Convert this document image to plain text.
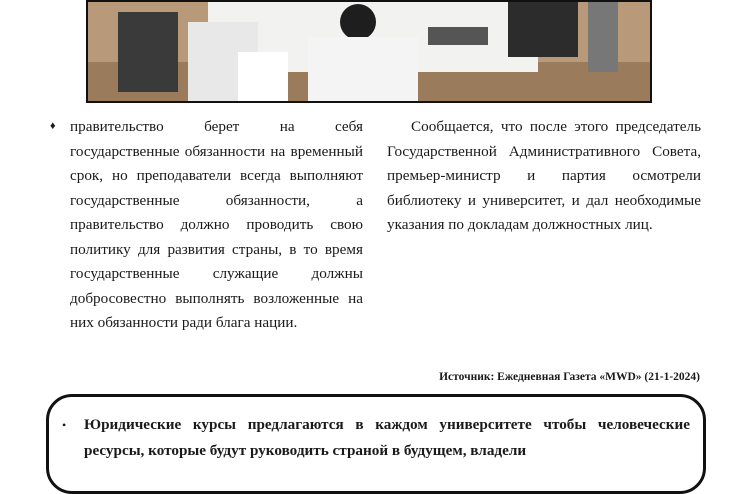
♦ правительство берет на себя государственные обязанности на временный срок, но преподаватели всегда выполняют государственные обязанности, а правительство должно проводить свою политику для развития страны, в то время государственные служащие должны добросовестно выполнять возложенные на них обязанности ради блага нации.
Сообщается, что после этого председатель Государственной Административного Совета, премьер-министр и партия осмотрели библиотеку и университет, и дал необходимые указания по докладам должностных лиц.
Источник: Ежедневная Газета «MWD» (21-1-2024)
• Юридические курсы предлагаются в каждом университете чтобы человеческие ресурсы, которые будут руководить страной в будущем, владели
